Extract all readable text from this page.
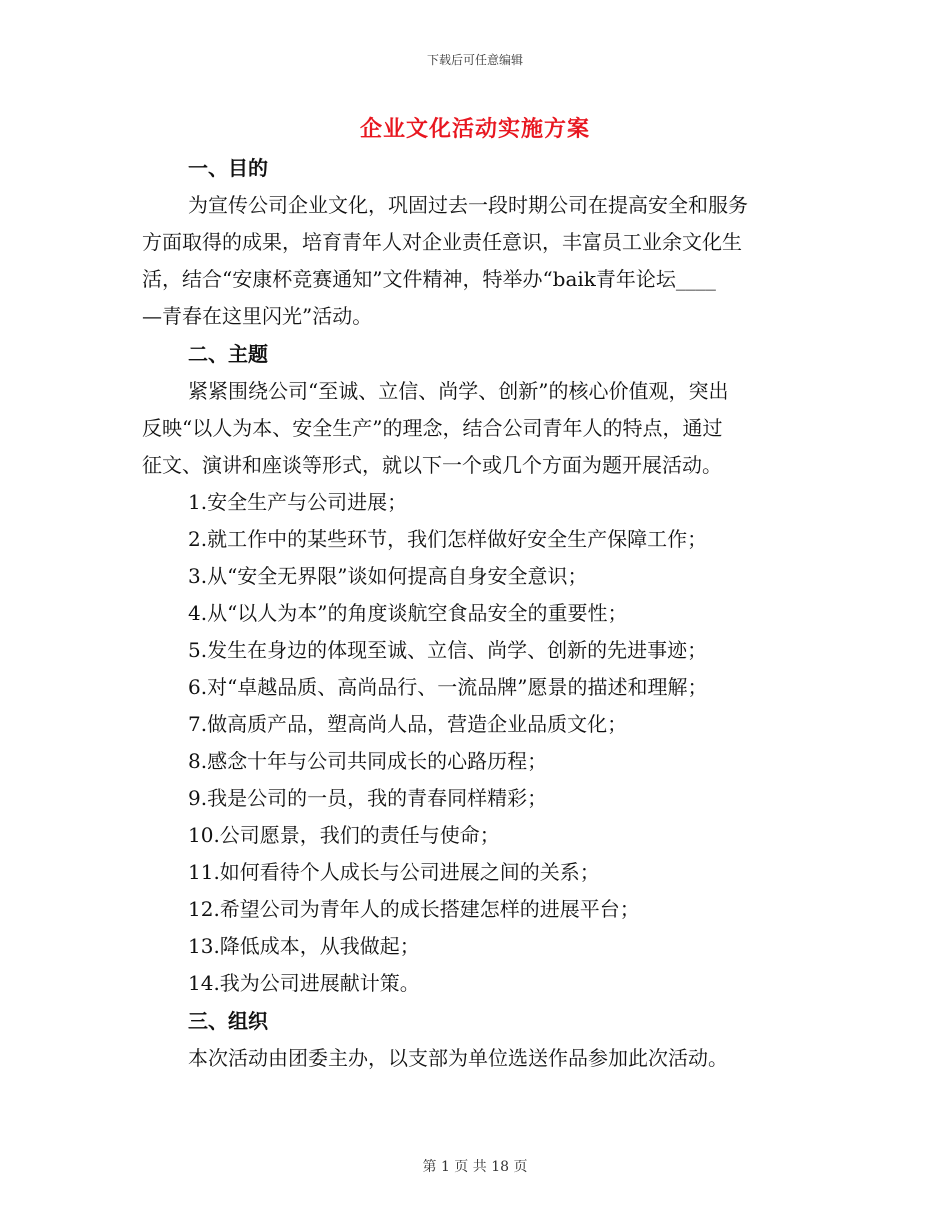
下载后可任意编辑
企业文化活动实施方案
一、目的
为宣传公司企业文化，巩固过去一段时期公司在提高安全和服务
方面取得的成果，培育青年人对企业责任意识，丰富员工业余文化生
活，结合“安康杯竞赛通知”文件精神，特举办“baik青年论坛____
—青春在这里闪光”活动。
二、主题
紧紧围绕公司“至诚、立信、尚学、创新”的核心价值观，突出
反映“以人为本、安全生产”的理念，结合公司青年人的特点，通过
征文、演讲和座谈等形式，就以下一个或几个方面为题开展活动。
1.安全生产与公司进展；
2.就工作中的某些环节，我们怎样做好安全生产保障工作；
3.从“安全无界限”谈如何提高自身安全意识；
4.从“以人为本”的角度谈航空食品安全的重要性；
5.发生在身边的体现至诚、立信、尚学、创新的先进事迹；
6.对“卓越品质、高尚品行、一流品牌”愿景的描述和理解；
7.做高质产品，塑高尚人品，营造企业品质文化；
8.感念十年与公司共同成长的心路历程；
9.我是公司的一员，我的青春同样精彩；
10.公司愿景，我们的责任与使命；
11.如何看待个人成长与公司进展之间的关系；
12.希望公司为青年人的成长搭建怎样的进展平台；
13.降低成本，从我做起；
14.我为公司进展献计策。
三、组织
本次活动由团委主办，以支部为单位选送作品参加此次活动。
第 1 页 共 18 页
